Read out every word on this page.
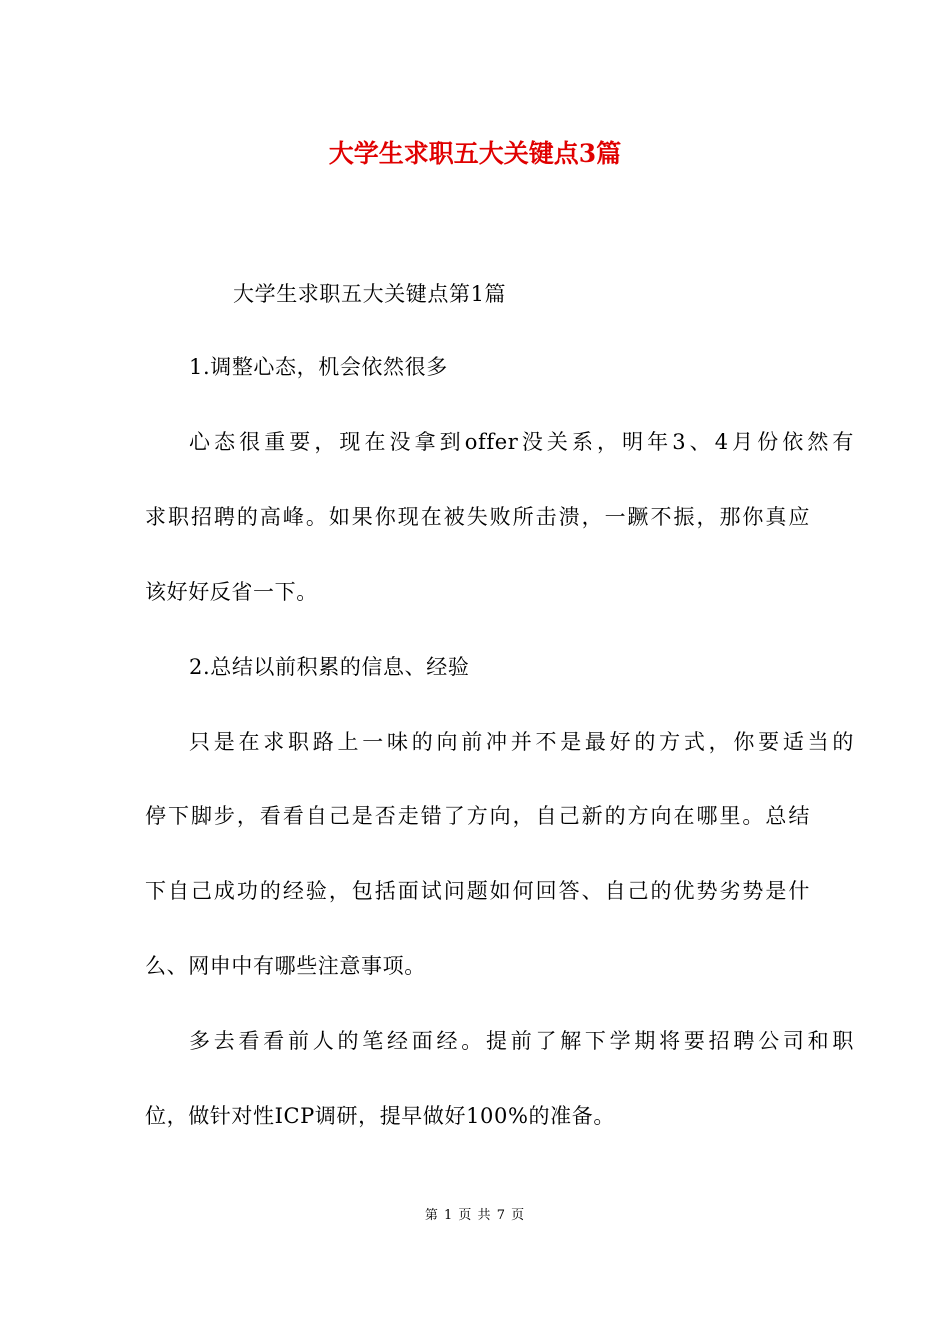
大学生求职五大关键点3篇

大学生求职五大关键点第1篇

1.调整心态，机会依然很多

心态很重要，现在没拿到offer没关系，明年3、4月份依然有

求职招聘的高峰。如果你现在被失败所击溃，一蹶不振，那你真应

该好好反省一下。

2.总结以前积累的信息、经验

只是在求职路上一味的向前冲并不是最好的方式，你要适当的

停下脚步，看看自己是否走错了方向，自己新的方向在哪里。总结

下自己成功的经验，包括面试问题如何回答、自己的优势劣势是什

么、网申中有哪些注意事项。

多去看看前人的笔经面经。提前了解下学期将要招聘公司和职

位，做针对性ICP调研，提早做好100%的准备。

第 1 页 共 7 页
